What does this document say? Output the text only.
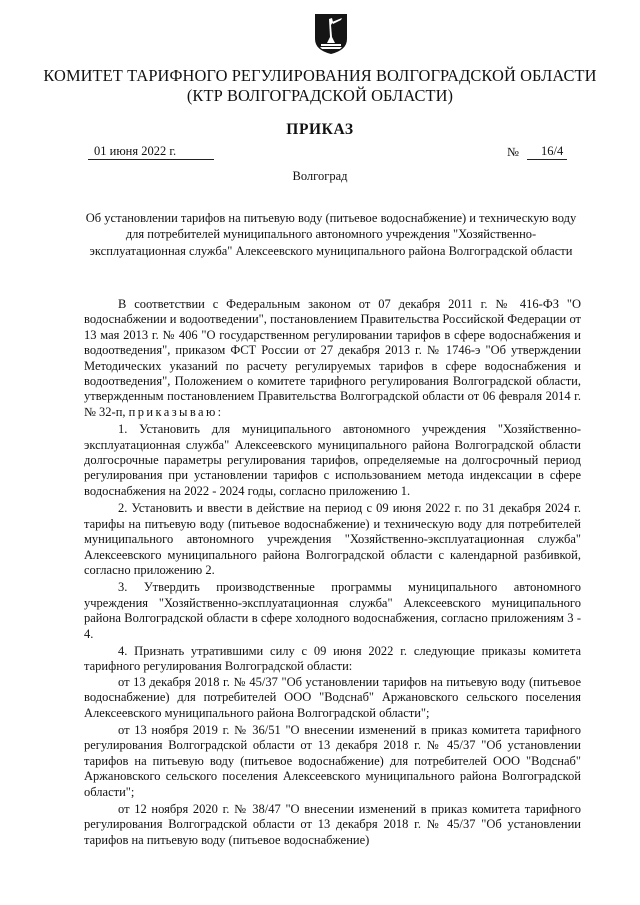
КОМИТЕТ ТАРИФНОГО РЕГУЛИРОВАНИЯ ВОЛГОГРАДСКОЙ ОБЛАСТИ
(КТР ВОЛГОГРАДСКОЙ ОБЛАСТИ)
ПРИКАЗ
01 июня 2022 г.	№	16/4
Волгоград
Об установлении тарифов на питьевую воду (питьевое водоснабжение) и техническую воду для потребителей муниципального автономного учреждения "Хозяйственно-эксплуатационная служба" Алексеевского муниципального района Волгоградской области

В соответствии с Федеральным законом от 07 декабря 2011 г. № 416-ФЗ "О водоснабжении и водоотведении", постановлением Правительства Российской Федерации от 13 мая 2013 г. № 406 "О государственном регулировании тарифов в сфере водоснабжения и водоотведения", приказом ФСТ России от 27 декабря 2013 г. № 1746-э "Об утверждении Методических указаний по расчету регулируемых тарифов в сфере водоснабжения и водоотведения", Положением о комитете тарифного регулирования Волгоградской области, утвержденным постановлением Правительства Волгоградской области от 06 февраля 2014 г. № 32-п, приказываю:

1. Установить для муниципального автономного учреждения "Хозяйственно-эксплуатационная служба" Алексеевского муниципального района Волгоградской области долгосрочные параметры регулирования тарифов, определяемые на долгосрочный период регулирования при установлении тарифов с использованием метода индексации в сфере водоснабжения на 2022 - 2024 годы, согласно приложению 1.

2. Установить и ввести в действие на период с 09 июня 2022 г. по 31 декабря 2024 г. тарифы на питьевую воду (питьевое водоснабжение) и техническую воду для потребителей муниципального автономного учреждения "Хозяйственно-эксплуатационная служба" Алексеевского муниципального района Волгоградской области с календарной разбивкой, согласно приложению 2.

3. Утвердить производственные программы муниципального автономного учреждения "Хозяйственно-эксплуатационная служба" Алексеевского муниципального района Волгоградской области в сфере холодного водоснабжения, согласно приложениям 3 - 4.

4. Признать утратившими силу с 09 июня 2022 г. следующие приказы комитета тарифного регулирования Волгоградской области:

от 13 декабря 2018 г. № 45/37 "Об установлении тарифов на питьевую воду (питьевое водоснабжение) для потребителей ООО "Водснаб" Аржановского сельского поселения Алексеевского муниципального района Волгоградской области";

от 13 ноября 2019 г. № 36/51 "О внесении изменений в приказ комитета тарифного регулирования Волгоградской области от 13 декабря 2018 г. № 45/37 "Об установлении тарифов на питьевую воду (питьевое водоснабжение) для потребителей ООО "Водснаб" Аржановского сельского поселения Алексеевского муниципального района Волгоградской области";

от 12 ноября 2020 г. № 38/47 "О внесении изменений в приказ комитета тарифного регулирования Волгоградской области от 13 декабря 2018 г. № 45/37 "Об установлении тарифов на питьевую воду (питьевое водоснабжение)
